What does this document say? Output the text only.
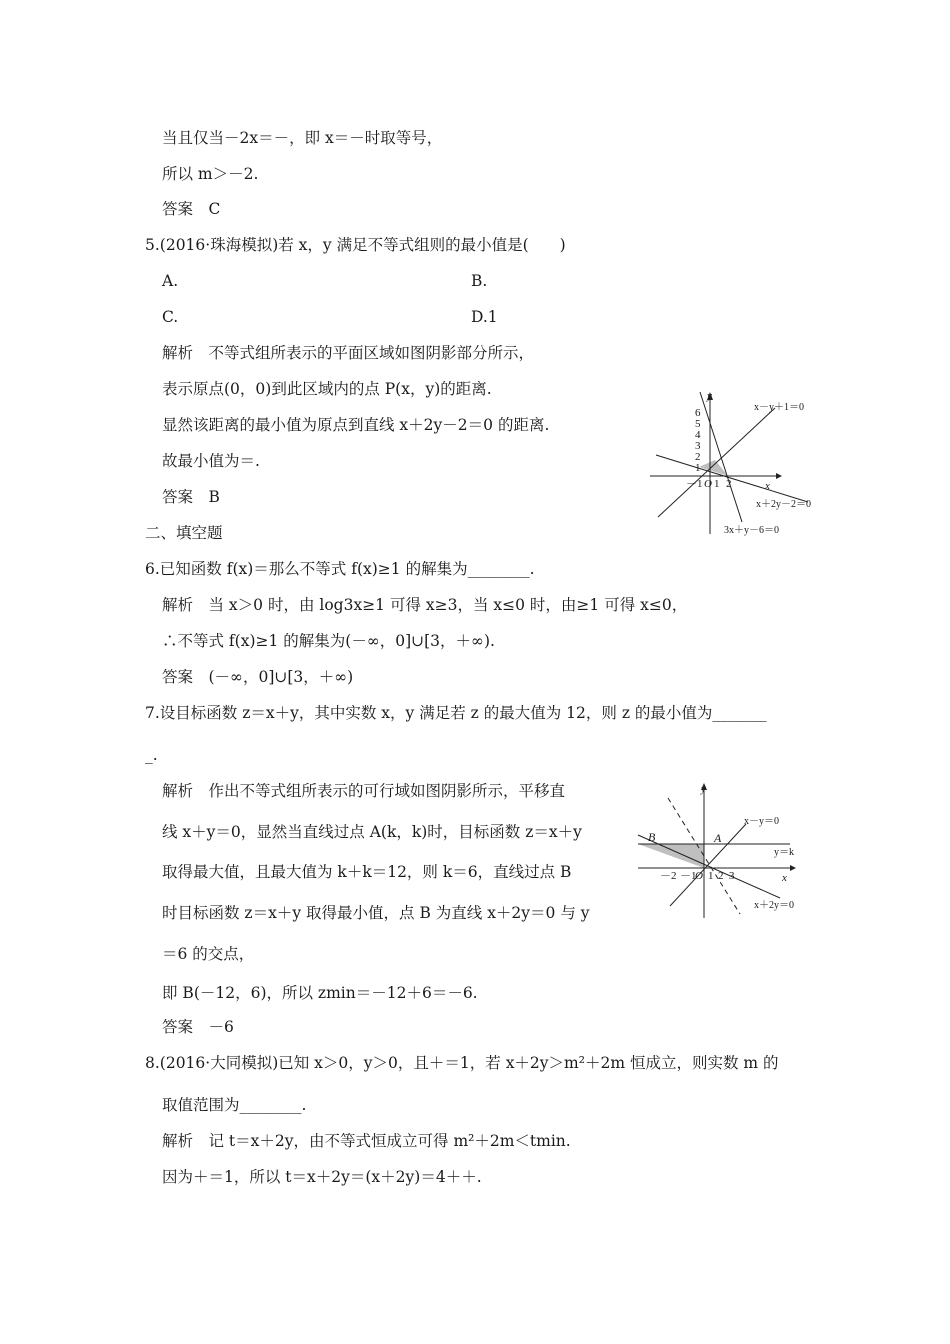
当且仅当－2x＝－，即 x＝－时取等号，
所以 m＞－2.
答案　C
5.(2016·珠海模拟)若 x，y 满足不等式组则的最小值是(　　)
A.	B.
C.	D.1
解析　不等式组所表示的平面区域如图阴影部分所示，
表示原点(0，0)到此区域内的点 P(x，y)的距离.
显然该距离的最小值为原点到直线 x＋2y－2＝0 的距离.
故最小值为＝.
答案　B
二、填空题
6.已知函数 f(x)＝那么不等式 f(x)≥1 的解集为________.
解析　当 x＞0 时，由 log3x≥1 可得 x≥3，当 x≤0 时，由≥1 可得 x≤0，
∴不等式 f(x)≥1 的解集为(－∞，0]∪[3，＋∞).
答案　(－∞，0]∪[3，＋∞)
7.设目标函数 z＝x＋y，其中实数 x，y 满足若 z 的最大值为 12，则 z 的最小值为_______
_.
解析　作出不等式组所表示的可行域如图阴影所示，平移直
线 x＋y＝0，显然当直线过点 A(k，k)时，目标函数 z＝x＋y
取得最大值，且最大值为 k＋k＝12，则 k＝6，直线过点 B
时目标函数 z＝x＋y 取得最小值，点 B 为直线 x＋2y＝0 与 y
＝6 的交点，
即 B(－12，6)，所以 zmin＝－12＋6＝－6.
答案　－6
8.(2016·大同模拟)已知 x＞0，y＞0，且＋＝1，若 x＋2y＞m²＋2m 恒成立，则实数 m 的
取值范围为________.
解析　记 t＝x＋2y，由不等式恒成立可得 m²＋2m＜tmin.
因为＋＝1，所以 t＝x＋2y＝(x＋2y)＝4＋＋.
y
x
6
5
4
3
2
1
－1 O 1 2
x－y＋1＝0
x＋2y－2＝0
3x＋y－6＝0
y
x
－2 －1
O 1 2 3
A
B
x－y＝0
y＝k
x＋2y＝0
